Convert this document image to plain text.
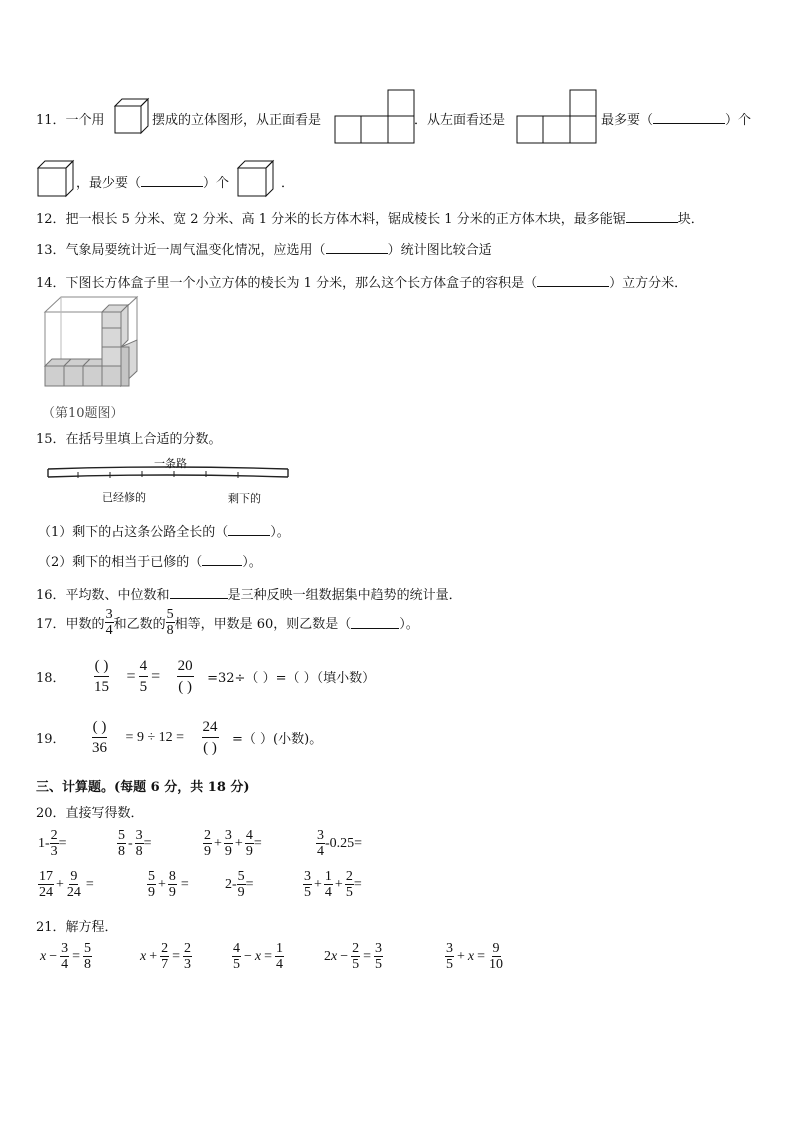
11．一个用	摆成的立体图形，从正面看是	．从左面看还是	最多要（	）个
，最少要（	）个	．
12．把一根长 5 分米、宽 2 分米、高 1 分米的长方体木料，锯成棱长 1 分米的正方体木块，最多能锯	块．
13．气象局要统计近一周气温变化情况，应选用（	）统计图比较合适
14．下图长方体盒子里一个小立方体的棱长为 1 分米，那么这个长方体盒子的容积是（	）立方分米．
（第10题图）
15．在括号里填上合适的分数。
一条路
已经修的	剩下的
（1）剩下的占这条公路全长的（	）。
（2）剩下的相当于已修的（	）。
16．平均数、中位数和	是三种反映一组数据集中趋势的统计量．
17． 甲数的 $\frac{3}{4}$ 和乙数的 $\frac{5}{8}$ 相等，甲数是 60，则乙数是（	）。
18． $\frac{( )}{15} = \frac{4}{5} = \frac{20}{( )} =32\div$（ ）=（ ）（填小数）
19． $\frac{( )}{36} = 9 \div 12 = \frac{24}{( )}$ =（ ）(小数)。
三、计算题。(每题 6 分，共 18 分)
20．直接写得数．
$1- \frac{2}{3}$ =	$\frac{5}{8} - \frac{3}{8}$ =	$\frac{2}{9} + \frac{3}{9} + \frac{4}{9}$ =	$\frac{3}{4} -0.25=$
$\frac{17}{24} + \frac{9}{24}$ =	$\frac{5}{9} + \frac{8}{9}$ =	$2- \frac{5}{9}$ =	$\frac{3}{5} + \frac{1}{4} + \frac{2}{5}$ =
21．解方程．
$x - \frac{3}{4} = \frac{5}{8}$	$x + \frac{2}{7} = \frac{2}{3}$	$\frac{4}{5} - x = \frac{1}{4}$	2 $x - \frac{2}{5} = \frac{3}{5}$	$\frac{3}{5} + x = \frac{9}{10}$
